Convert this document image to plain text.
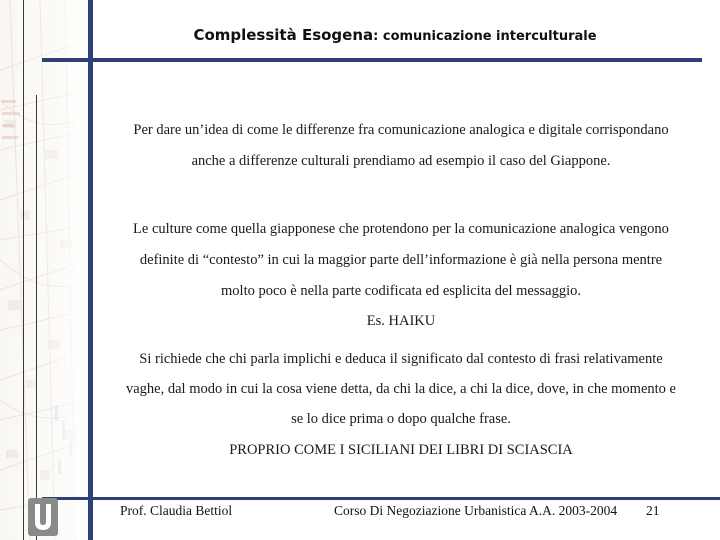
Complessità Esogena: comunicazione interculturale
Per dare un’idea di come le differenze fra comunicazione analogica e digitale corrispondano
anche a differenze culturali prendiamo ad esempio il caso del Giappone.
Le culture come quella giapponese che protendono per la comunicazione analogica vengono
definite di “contesto” in cui la maggior parte dell’informazione è già nella persona mentre
molto poco è nella parte codificata ed esplicita del messaggio.
Es. HAIKU
Si richiede che chi parla implichi e deduca il significato dal contesto di frasi relativamente
vaghe, dal modo in cui la cosa viene detta, da chi la dice, a chi la dice, dove, in che momento e
se lo dice prima o dopo qualche frase.
PROPRIO COME I SICILIANI DEI LIBRI DI SCIASCIA
Prof. Claudia Bettiol	Corso Di Negoziazione Urbanistica A.A. 2003-2004 21
